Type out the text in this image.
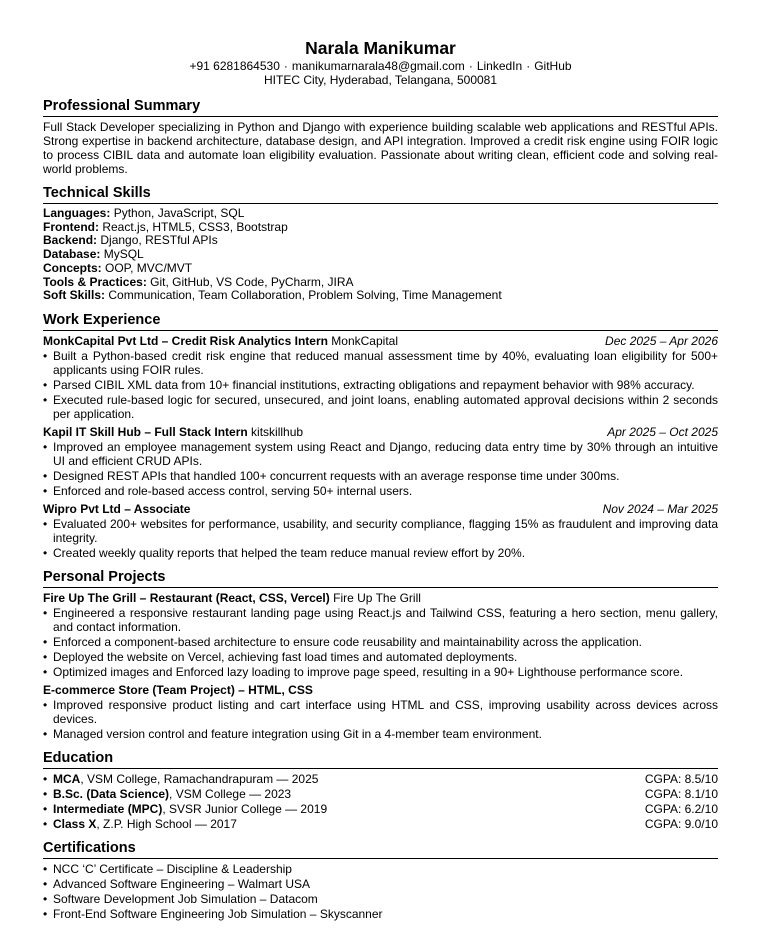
Narala Manikumar
+91 6281864530 · manikumarnarala48@gmail.com · LinkedIn · GitHub
HITEC City, Hyderabad, Telangana, 500081
Professional Summary
Full Stack Developer specializing in Python and Django with experience building scalable web applications and RESTful APIs. Strong expertise in backend architecture, database design, and API integration. Improved a credit risk engine using FOIR logic to process CIBIL data and automate loan eligibility evaluation. Passionate about writing clean, efficient code and solving real-world problems.
Technical Skills
Languages: Python, JavaScript, SQL
Frontend: React.js, HTML5, CSS3, Bootstrap
Backend: Django, RESTful APIs
Database: MySQL
Concepts: OOP, MVC/MVT
Tools & Practices: Git, GitHub, VS Code, PyCharm, JIRA
Soft Skills: Communication, Team Collaboration, Problem Solving, Time Management
Work Experience
MonkCapital Pvt Ltd – Credit Risk Analytics Intern MonkCapital	Dec 2025 – Apr 2026
• Built a Python-based credit risk engine that reduced manual assessment time by 40%, evaluating loan eligibility for 500+ applicants using FOIR rules.
• Parsed CIBIL XML data from 10+ financial institutions, extracting obligations and repayment behavior with 98% accuracy.
• Executed rule-based logic for secured, unsecured, and joint loans, enabling automated approval decisions within 2 seconds per application.
Kapil IT Skill Hub – Full Stack Intern kitskillhub	Apr 2025 – Oct 2025
• Improved an employee management system using React and Django, reducing data entry time by 30% through an intuitive UI and efficient CRUD APIs.
• Designed REST APIs that handled 100+ concurrent requests with an average response time under 300ms.
• Enforced and role-based access control, serving 50+ internal users.
Wipro Pvt Ltd – Associate	Nov 2024 – Mar 2025
• Evaluated 200+ websites for performance, usability, and security compliance, flagging 15% as fraudulent and improving data integrity.
• Created weekly quality reports that helped the team reduce manual review effort by 20%.
Personal Projects
Fire Up The Grill – Restaurant (React, CSS, Vercel) Fire Up The Grill
• Engineered a responsive restaurant landing page using React.js and Tailwind CSS, featuring a hero section, menu gallery, and contact information.
• Enforced a component-based architecture to ensure code reusability and maintainability across the application.
• Deployed the website on Vercel, achieving fast load times and automated deployments.
• Optimized images and Enforced lazy loading to improve page speed, resulting in a 90+ Lighthouse performance score.
E-commerce Store (Team Project) – HTML, CSS
• Improved responsive product listing and cart interface using HTML and CSS, improving usability across devices across devices.
• Managed version control and feature integration using Git in a 4-member team environment.
Education
• MCA, VSM College, Ramachandrapuram — 2025	CGPA: 8.5/10
• B.Sc. (Data Science), VSM College — 2023	CGPA: 8.1/10
• Intermediate (MPC), SVSR Junior College — 2019	CGPA: 6.2/10
• Class X, Z.P. High School — 2017	CGPA: 9.0/10
Certifications
• NCC ‘C’ Certificate – Discipline & Leadership
• Advanced Software Engineering – Walmart USA
• Software Development Job Simulation – Datacom
• Front-End Software Engineering Job Simulation – Skyscanner
